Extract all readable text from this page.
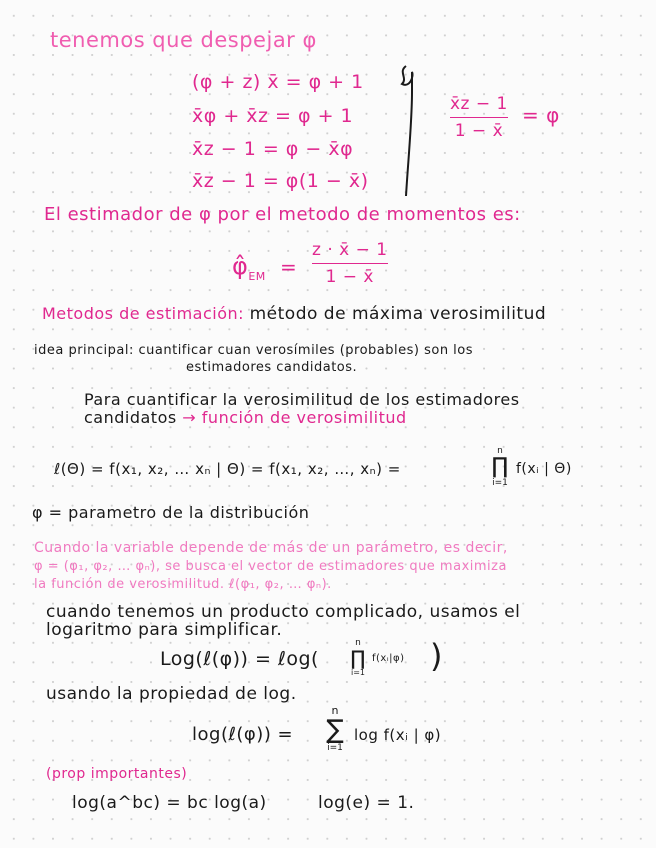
tenemos que despejar φ
(φ + z) x̄ = φ + 1
x̄φ + x̄z = φ + 1
x̄z − 1 = φ − x̄φ
x̄z − 1 = φ(1 − x̄)
x̄z − 1
1 − x̄
= φ
El estimador de φ por el metodo de momentos es:
$\varphî_{EM}$ =
z · x̄ − 1
1 − x̄
Metodos de estimación: método de máxima verosimilitud
idea principal: cuantificar cuan verosímiles (probables) son los
estimadores candidatos.
Para cuantificar la verosimilitud de los estimadores
candidatos → función de verosimilitud
ℓ(Θ) = f(x₁, x₂, … xₙ | Θ) = f(x₁, x₂, …, xₙ) =
n
∏
i=1
f(xᵢ | Θ)
φ = parametro de la distribución
Cuando la variable depende de más de un parámetro, es decir,
φ = (φ₁, φ₂, … φₙ), se busca el vector de estimadores que maximiza
la función de verosimilitud. ℓ(φ₁, φ₂, … φₙ).
cuando tenemos un producto complicado, usamos el
logaritmo para simplificar.
Log(ℓ(φ)) = ℓog(
n
∏
i=1
f(xᵢ|φ) )
usando la propiedad de log.
log(ℓ(φ)) =
n
∑
i=1
log f(xᵢ | φ)
(prop importantes)
log(a^bc) = bc log(a)	log(e) = 1.
